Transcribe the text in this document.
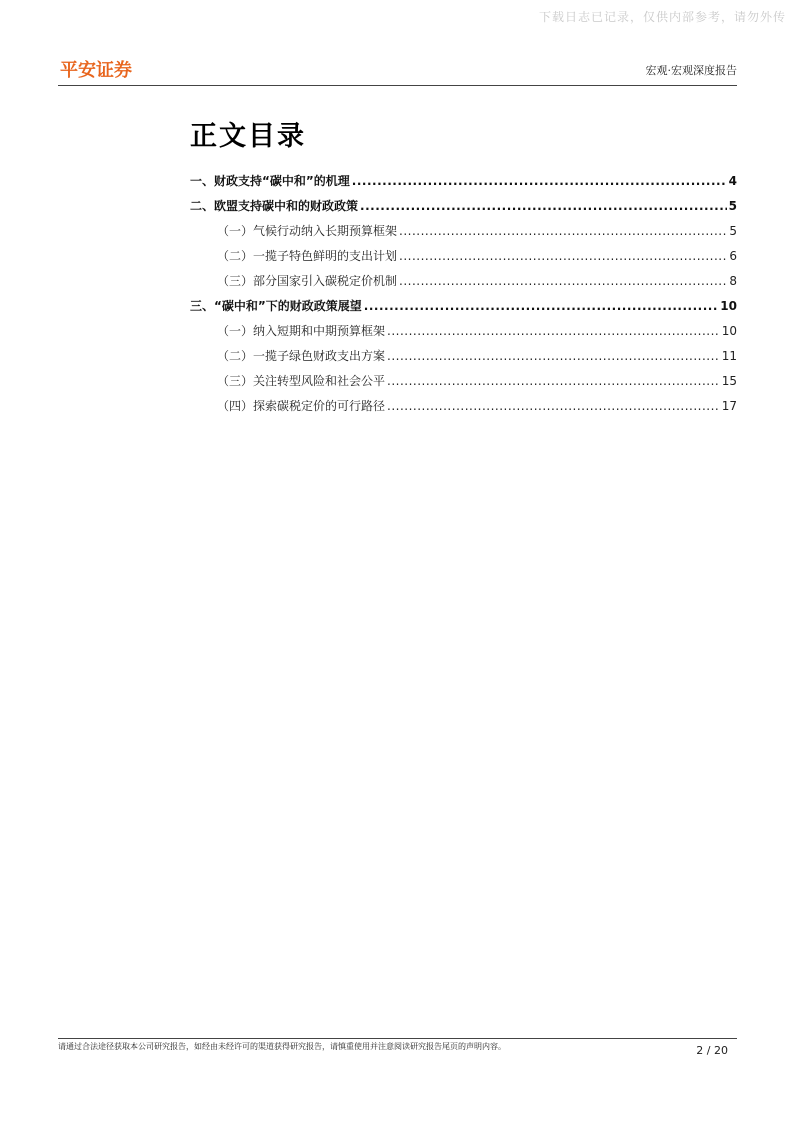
下载日志已记录，仅供内部参考，请勿外传
平安证券	宏观·宏观深度报告
正文目录
一、 财政支持“碳中和”的机理 .....	4
二、 欧盟支持碳中和的财政政策 .....	5
（一） 气候行动纳入长期预算框架 .....	5
（二） 一揽子特色鲜明的支出计划 .....	6
（三） 部分国家引入碳税定价机制 .....	8
三、 “碳中和”下的财政政策展望 .....	10
（一） 纳入短期和中期预算框架 .....	10
（二） 一揽子绿色财政支出方案 .....	11
（三） 关注转型风险和社会公平 .....	15
（四） 探索碳税定价的可行路径 .....	17
请通过合法途径获取本公司研究报告，如经由未经许可的渠道获得研究报告，请慎重使用并注意阅读研究报告尾页的声明内容。	2 / 20
